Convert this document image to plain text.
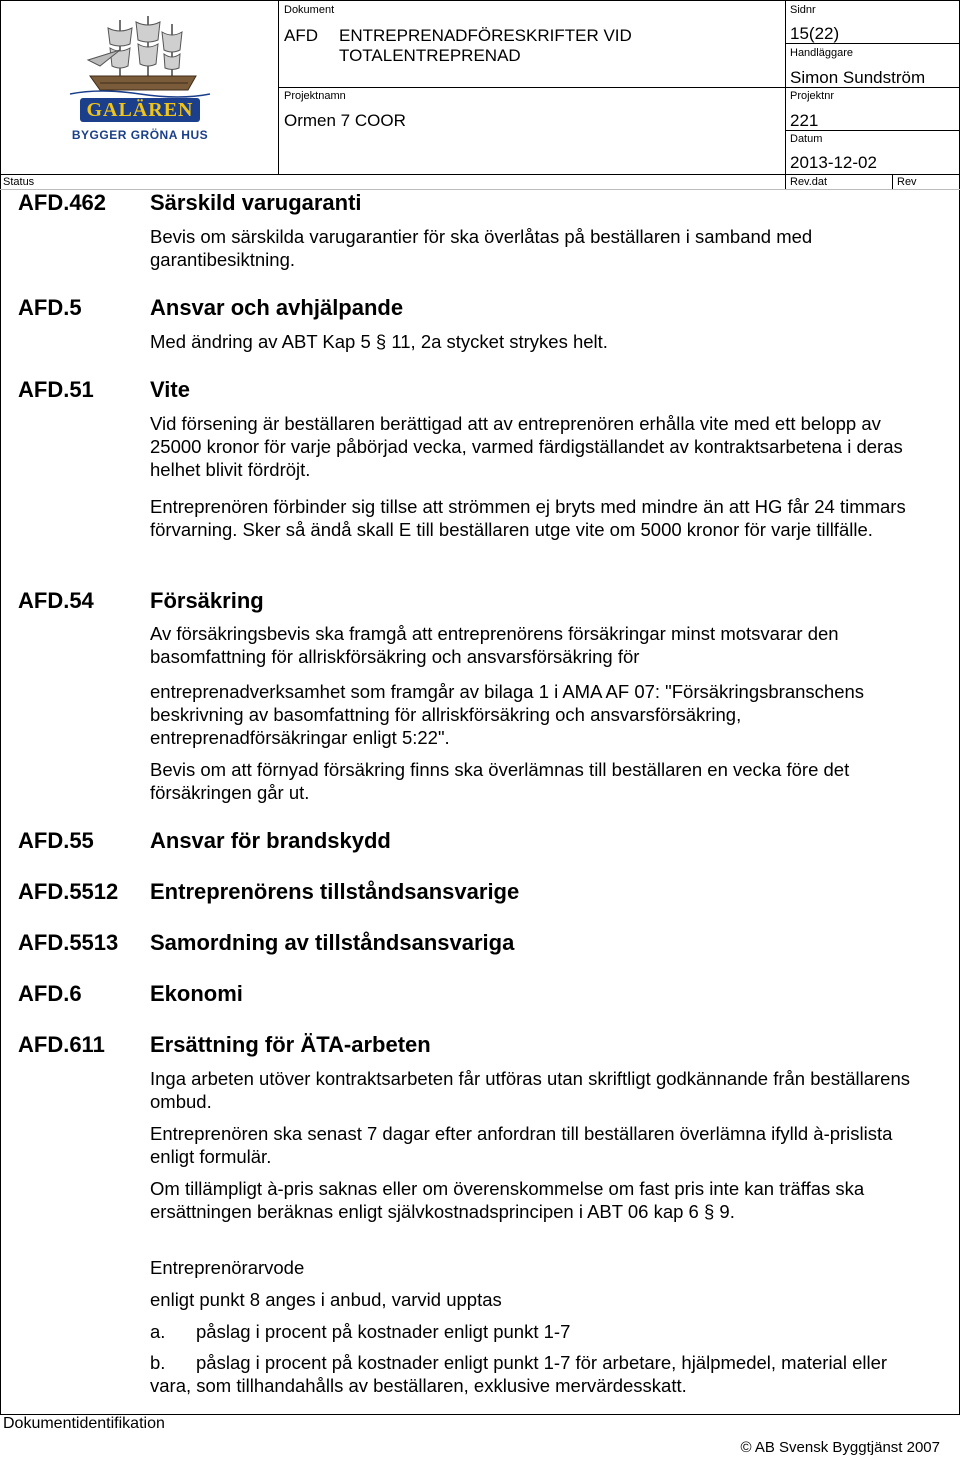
GALÄREN
BYGGER GRÖNA HUS
Dokument
AFD ENTREPRENADFÖRESKRIFTER VID
TOTALENTREPRENAD
Projektnamn
Ormen 7 COOR
Sidnr
15(22)
Handläggare
Simon Sundström
Projektnr
221
Datum
2013-12-02
Status	Rev.dat	Rev
AFD.462 Särskild varugaranti
Bevis om särskilda varugarantier för ska överlåtas på beställaren i samband med garantibesiktning.
AFD.5	Ansvar och avhjälpande
Med ändring av ABT Kap 5 § 11, 2a stycket strykes helt.
AFD.51	Vite
Vid försening är beställaren berättigad att av entreprenören erhålla vite med ett belopp av 25000 kronor för varje påbörjad vecka, varmed färdigställandet av kontraktsarbetena i deras helhet blivit fördröjt.
Entreprenören förbinder sig tillse att strömmen ej bryts med mindre än att HG får 24 timmars förvarning. Sker så ändå skall E till beställaren utge vite om 5000 kronor för varje tillfälle.
AFD.54	Försäkring
Av försäkringsbevis ska framgå att entreprenörens försäkringar minst motsvarar den basomfattning för allriskförsäkring och ansvarsförsäkring för
entreprenadverksamhet som framgår av bilaga 1 i AMA AF 07: "Försäkringsbranschens beskrivning av basomfattning för allriskförsäkring och ansvarsförsäkring, entreprenadförsäkringar enligt 5:22".
Bevis om att förnyad försäkring finns ska överlämnas till beställaren en vecka före det försäkringen går ut.
AFD.55	Ansvar för brandskydd
AFD.5512 Entreprenörens tillståndsansvarige
AFD.5513 Samordning av tillståndsansvariga
AFD.6	Ekonomi
AFD.611 Ersättning för ÄTA-arbeten
Inga arbeten utöver kontraktsarbeten får utföras utan skriftligt godkännande från beställarens ombud.
Entreprenören ska senast 7 dagar efter anfordran till beställaren överlämna ifylld à-prislista enligt formulär.
Om tillämpligt à-pris saknas eller om överenskommelse om fast pris inte kan träffas ska ersättningen beräknas enligt självkostnadsprincipen i ABT 06 kap 6 § 9.
Entreprenörarvode
enligt punkt 8 anges i anbud, varvid upptas
a. påslag i procent på kostnader enligt punkt 1-7
b. påslag i procent på kostnader enligt punkt 1-7 för arbetare, hjälpmedel, material eller vara, som tillhandahålls av beställaren, exklusive mervärdesskatt.
Dokumentidentifikation
© AB Svensk Byggtjänst 2007
